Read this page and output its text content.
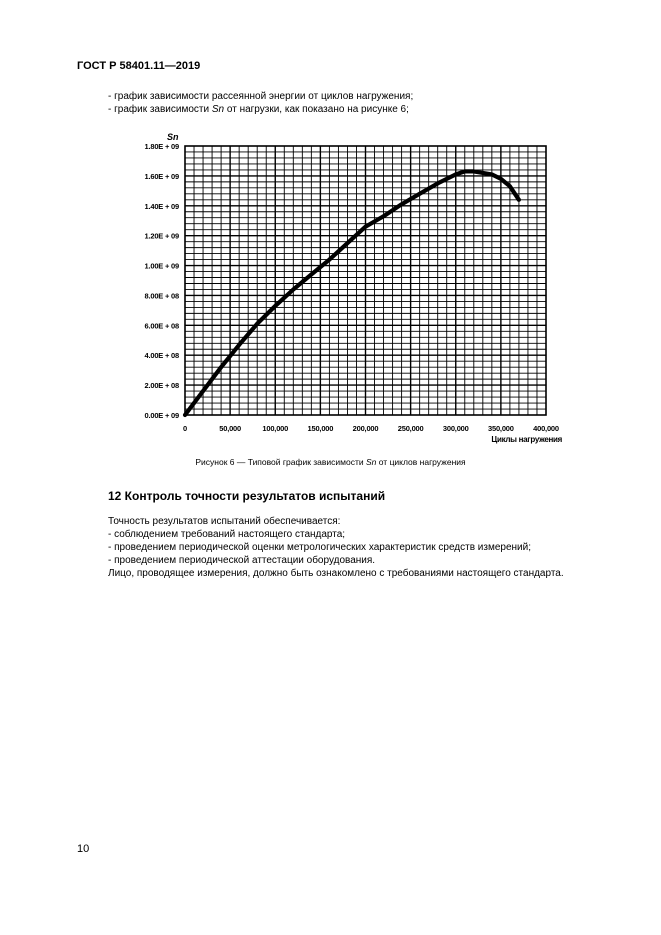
ГОСТ Р 58401.11—2019
- график зависимости рассеянной энергии от циклов нагружения;
- график зависимости Sn от нагрузки, как показано на рисунке 6;
0.00E + 09
2.00E + 08
4.00E + 08
6.00E + 08
8.00E + 08
1.00E + 09
1.20E + 09
1.40E + 09
1.60E + 09
1.80E + 09
0	50,000	100,000	150,000	200,000	250,000	300,000	350,000	400,000
Sn
Циклы нагружения
Рисунок 6 — Типовой график зависимости Sn от циклов нагружения
12 Контроль точности результатов испытаний
Точность результатов испытаний обеспечивается:
- соблюдением требований настоящего стандарта;
- проведением периодической оценки метрологических характеристик средств измерений;
- проведением периодической аттестации оборудования.
Лицо, проводящее измерения, должно быть ознакомлено с требованиями настоящего стандарта.
10
